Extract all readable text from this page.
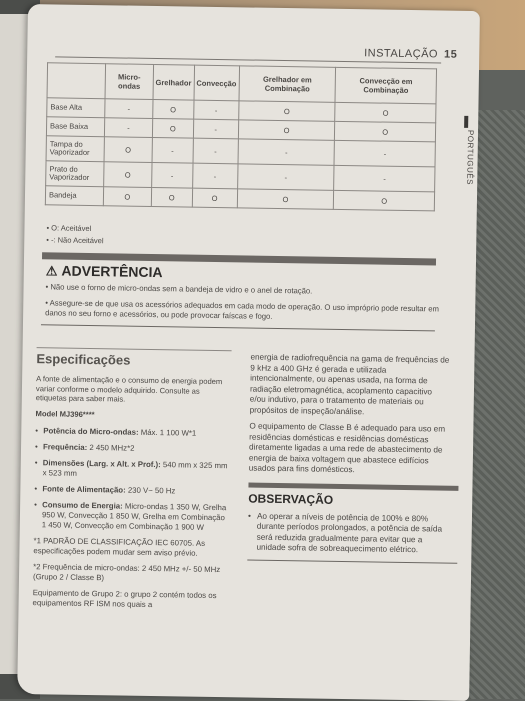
INSTALAÇÃO 15
PORTUGUÊS
	Micro-ondas	Grelhador	Convecção	Grelhador em Combinação	Convecção em Combinação
Base Alta	-	O	-	O	O
Base Baixa	-	O	-	O	O
Tampa do Vaporizador	O	-	-	-	-
Prato do Vaporizador	O	-	-	-	-
Bandeja	O	O	O	O	O
• O: Aceitável
• -: Não Aceitável
⚠ ADVERTÊNCIA
• Não use o forno de micro-ondas sem a bandeja de vidro e o anel de rotação.
• Assegure-se de que usa os acessórios adequados em cada modo de operação. O uso impróprio pode resultar em danos no seu forno e acessórios, ou pode provocar faíscas e fogo.
Especificações
A fonte de alimentação e o consumo de energia podem variar conforme o modelo adquirido. Consulte as etiquetas para saber mais.
Model MJ396****
• Potência do Micro-ondas: Máx. 1 100 W*1
• Frequência: 2 450 MHz*2
• Dimensões (Larg. x Alt. x Prof.): 540 mm x 325 mm x 523 mm
• Fonte de Alimentação: 230 V~ 50 Hz
• Consumo de Energia: Micro-ondas 1 350 W, Grelha 950 W, Convecção 1 850 W, Grelha em Combinação 1 450 W, Convecção em Combinação 1 900 W
*1 PADRÃO DE CLASSIFICAÇÃO IEC 60705. As especificações podem mudar sem aviso prévio.
*2 Frequência de micro-ondas: 2 450 MHz +/- 50 MHz (Grupo 2 / Classe B)
Equipamento de Grupo 2: o grupo 2 contém todos os equipamentos RF ISM nos quais a
energia de radiofrequência na gama de frequências de 9 kHz a 400 GHz é gerada e utilizada intencionalmente, ou apenas usada, na forma de radiação eletromagnética, acoplamento capacitivo e/ou indutivo, para o tratamento de materiais ou propósitos de inspeção/análise.
O equipamento de Classe B é adequado para uso em residências domésticas e residências domésticas diretamente ligadas a uma rede de abastecimento de energia de baixa voltagem que abastece edifícios usados para fins domésticos.
OBSERVAÇÃO
• Ao operar a níveis de potência de 100% e 80% durante períodos prolongados, a potência de saída será reduzida gradualmente para evitar que a unidade sofra de sobreaquecimento elétrico.
